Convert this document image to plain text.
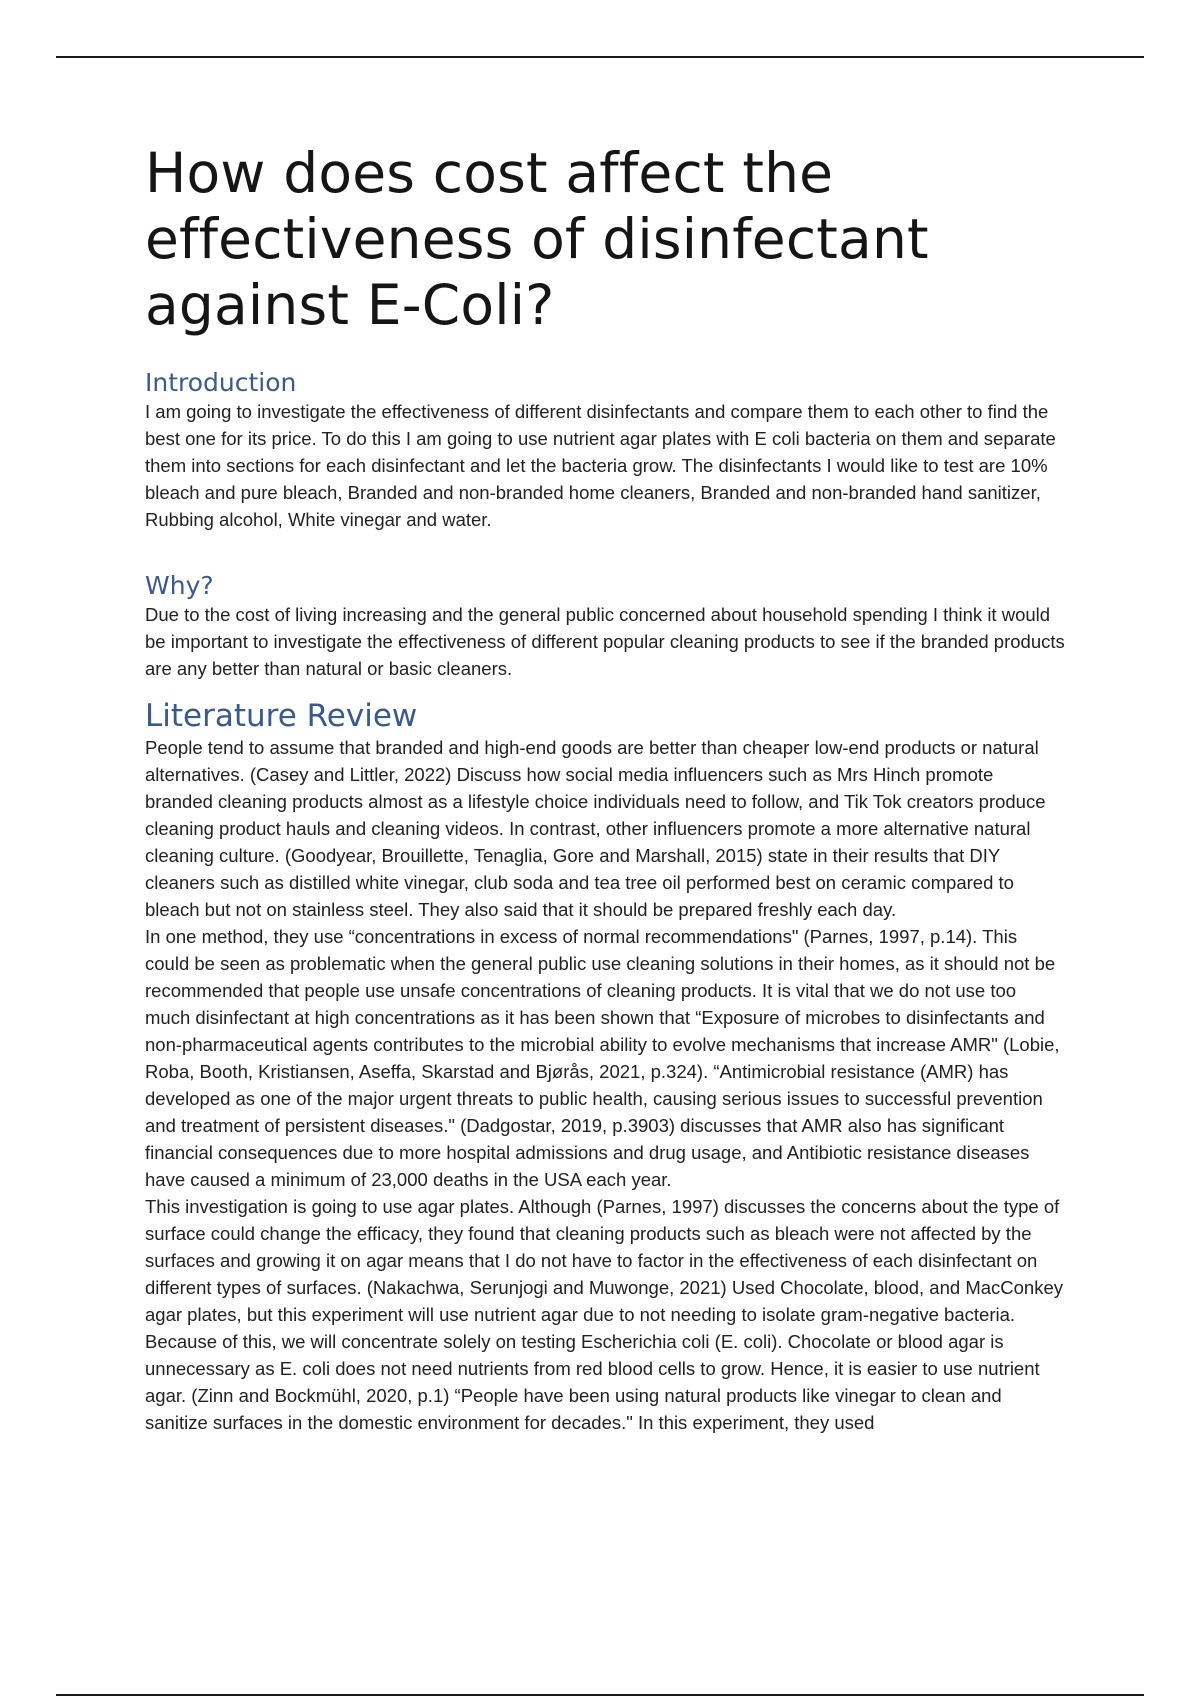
How does cost affect the effectiveness of disinfectant against E-Coli?
Introduction

I am going to investigate the effectiveness of different disinfectants and compare them to each other to find the best one for its price. To do this I am going to use nutrient agar plates with E coli bacteria on them and separate them into sections for each disinfectant and let the bacteria grow. The disinfectants I would like to test are 10% bleach and pure bleach, Branded and non-branded home cleaners, Branded and non-branded hand sanitizer, Rubbing alcohol, White vinegar and water.

Why?

Due to the cost of living increasing and the general public concerned about household spending I think it would be important to investigate the effectiveness of different popular cleaning products to see if the branded products are any better than natural or basic cleaners.

Literature Review

People tend to assume that branded and high-end goods are better than cheaper low-end products or natural alternatives. (Casey and Littler, 2022) Discuss how social media influencers such as Mrs Hinch promote branded cleaning products almost as a lifestyle choice individuals need to follow, and Tik Tok creators produce cleaning product hauls and cleaning videos. In contrast, other influencers promote a more alternative natural cleaning culture. (Goodyear, Brouillette, Tenaglia, Gore and Marshall, 2015) state in their results that DIY cleaners such as distilled white vinegar, club soda and tea tree oil performed best on ceramic compared to bleach but not on stainless steel. They also said that it should be prepared freshly each day.

In one method, they use “concentrations in excess of normal recommendations" (Parnes, 1997, p.14). This could be seen as problematic when the general public use cleaning solutions in their homes, as it should not be recommended that people use unsafe concentrations of cleaning products. It is vital that we do not use too much disinfectant at high concentrations as it has been shown that “Exposure of microbes to disinfectants and non-pharmaceutical agents contributes to the microbial ability to evolve mechanisms that increase AMR" (Lobie, Roba, Booth, Kristiansen, Aseffa, Skarstad and Bjørås, 2021, p.324). “Antimicrobial resistance (AMR) has developed as one of the major urgent threats to public health, causing serious issues to successful prevention and treatment of persistent diseases." (Dadgostar, 2019, p.3903) discusses that AMR also has significant financial consequences due to more hospital admissions and drug usage, and Antibiotic resistance diseases have caused a minimum of 23,000 deaths in the USA each year.

This investigation is going to use agar plates. Although (Parnes, 1997) discusses the concerns about the type of surface could change the efficacy, they found that cleaning products such as bleach were not affected by the surfaces and growing it on agar means that I do not have to factor in the effectiveness of each disinfectant on different types of surfaces. (Nakachwa, Serunjogi and Muwonge, 2021) Used Chocolate, blood, and MacConkey agar plates, but this experiment will use nutrient agar due to not needing to isolate gram-negative bacteria. Because of this, we will concentrate solely on testing Escherichia coli (E. coli). Chocolate or blood agar is unnecessary as E. coli does not need nutrients from red blood cells to grow. Hence, it is easier to use nutrient agar. (Zinn and Bockmühl, 2020, p.1) “People have been using natural products like vinegar to clean and sanitize surfaces in the domestic environment for decades." In this experiment, they used
